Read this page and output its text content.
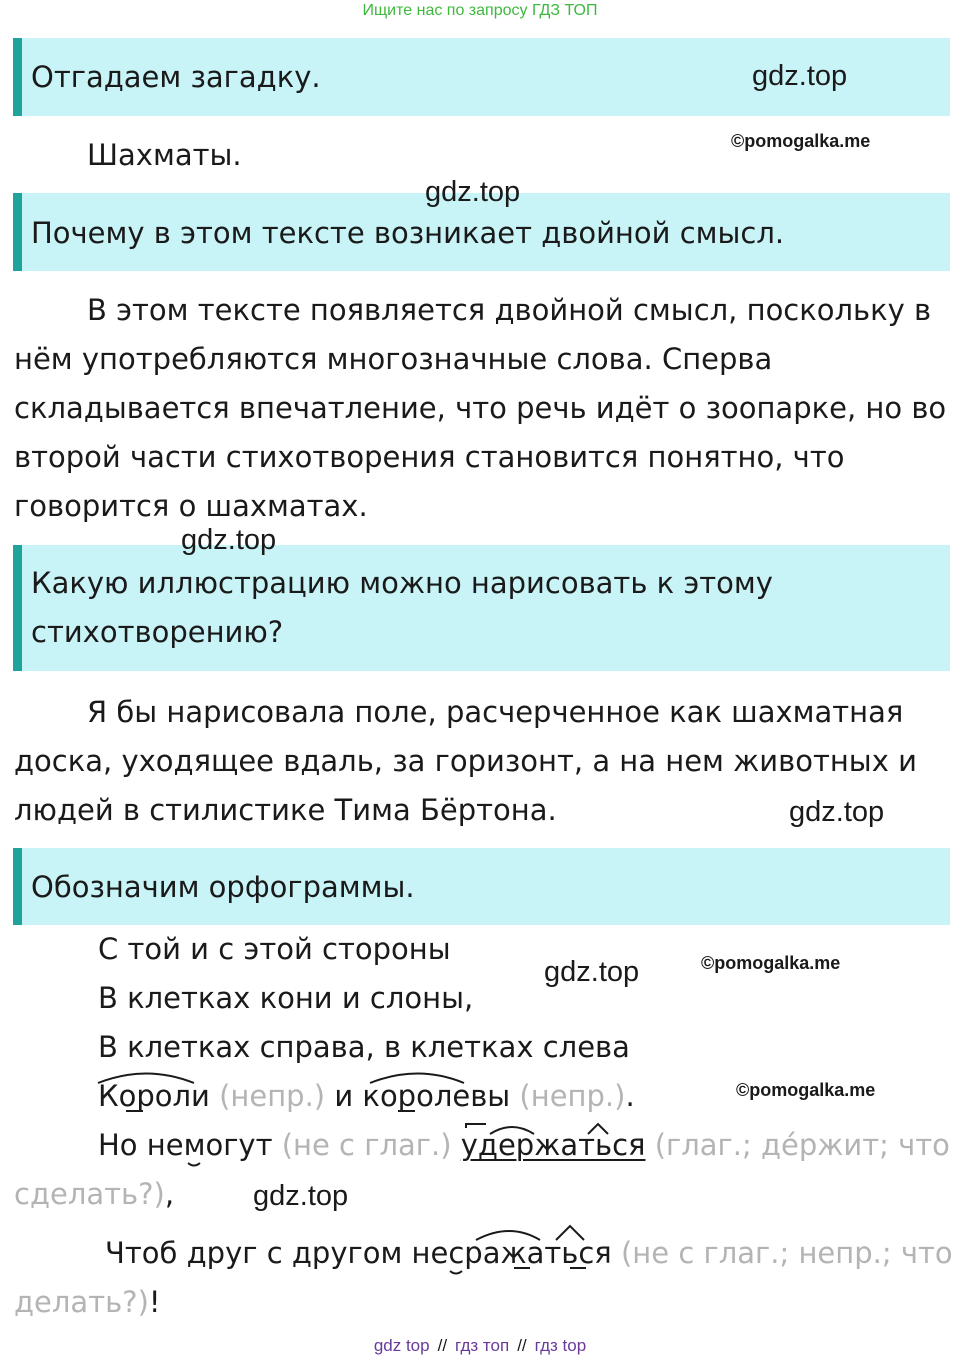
Ищите нас по запросу ГДЗ ТОП
Отгадаем загадку.	gdz.top
Шахматы.	©pomogalka.me
Почему в этом тексте возникает двойной смысл.
gdz.top
В этом тексте появляется двойной смысл, поскольку в
нём употребляются многозначные слова. Сперва
складывается впечатление, что речь идёт о зоопарке, но во
второй части стихотворения становится понятно, что
говорится о шахматах.
Какую иллюстрацию можно нарисовать к этому
стихотворению?
gdz.top
Я бы нарисовала поле, расчерченное как шахматная
доска, уходящее вдаль, за горизонт, а на нем животных и
людей в стилистике Тима Бёртона.	gdz.top
Обозначим орфограммы.
gdz.top	©pomogalka.me
©pomogalka.me
С той и с этой стороны
В клетках кони и слоны,
В клетках справа, в клетках слева
Короли (непр.) и королевы (непр.).
Но немогут (не с глаг.) удержаться (глаг.; де́ржит; что
сделать?),	gdz.top
Чтоб друг с другом несражаться (не с глаг.; непр.; что
делать?)!
gdz top // гдз топ // гдз top
